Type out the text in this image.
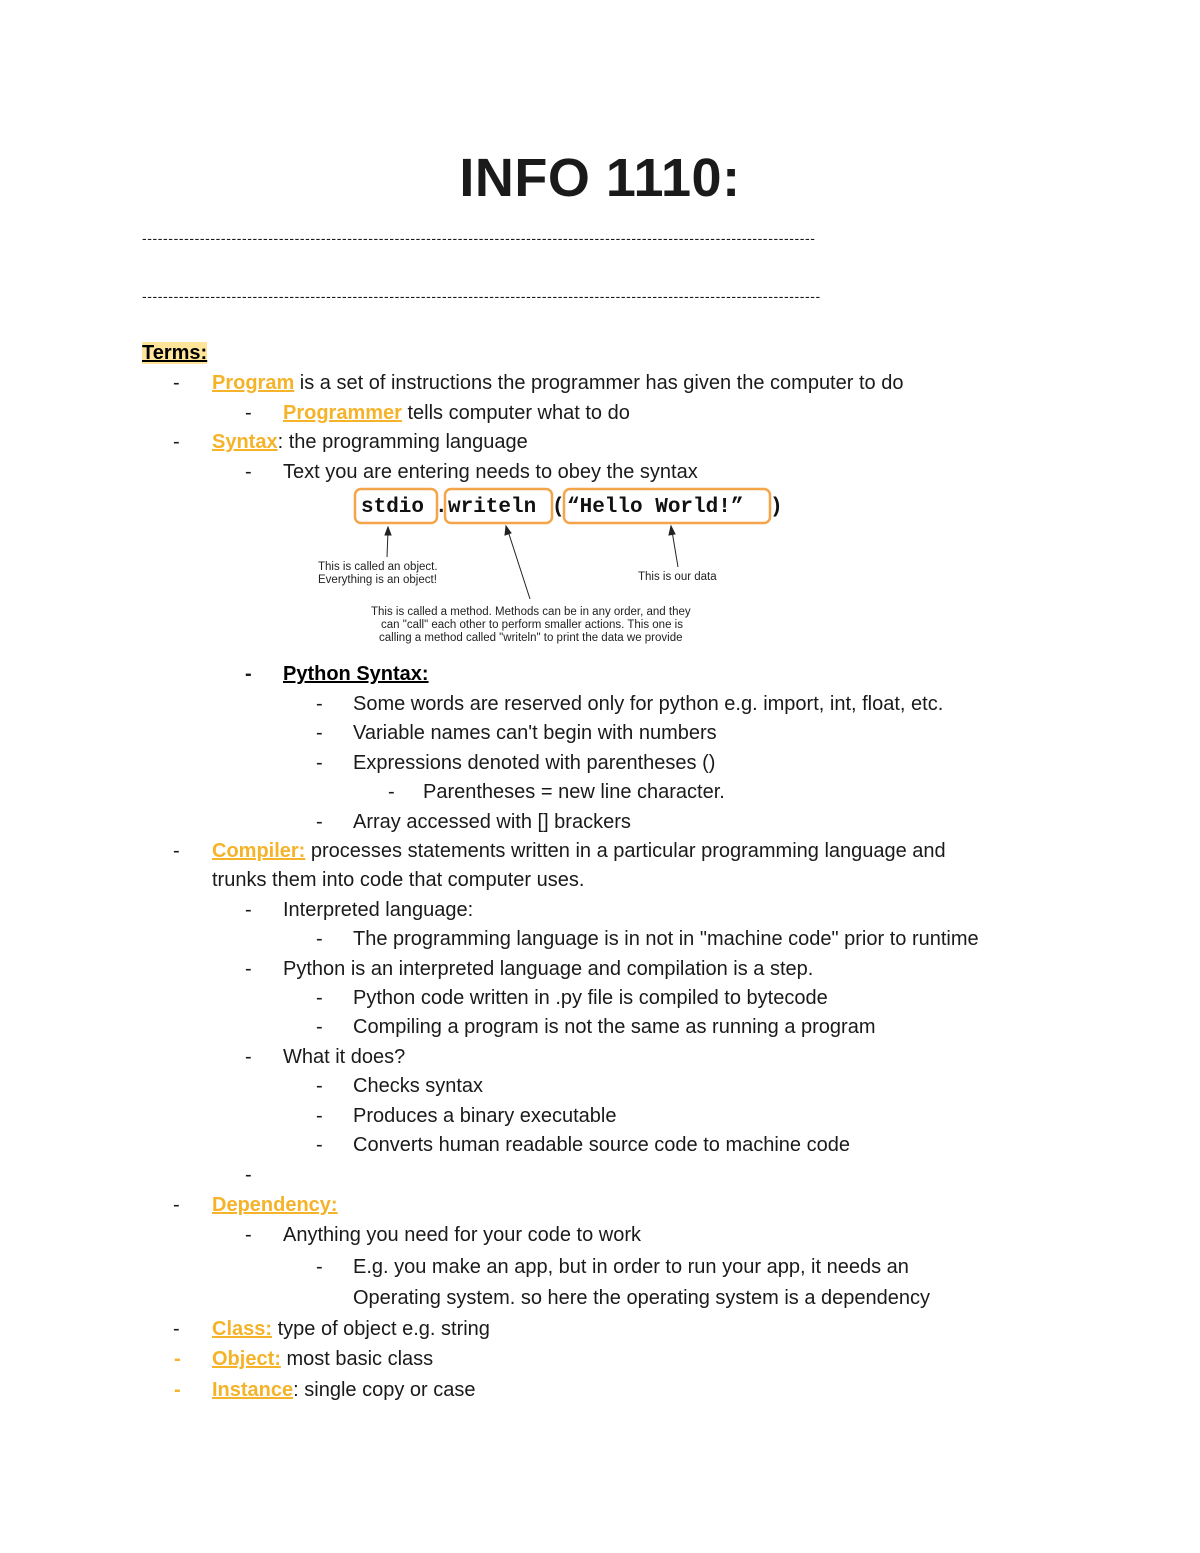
INFO 1110:
--------------------------------------------------------------------------------------------------------------------------------
---------------------------------------------------------------------------------------------------------------------------------
Terms:
- Program is a set of instructions the programmer has given the computer to do
- Programmer tells computer what to do
- Syntax: the programming language
- Text you are entering needs to obey the syntax
stdio . writeln ( “Hello World!” )
This is called an object.
Everything is an object!	This is our data
This is called a method. Methods can be in any order, and they
can "call" each other to perform smaller actions. This one is
calling a method called "writeln" to print the data we provide
- Python Syntax:
- Some words are reserved only for python e.g. import, int, float, etc.
- Variable names can't begin with numbers
- Expressions denoted with parentheses ()
- Parentheses = new line character.
- Array accessed with [] brackers
- Compiler: processes statements written in a particular programming language and
trunks them into code that computer uses.
- Interpreted language:
- The programming language is in not in "machine code" prior to runtime
- Python is an interpreted language and compilation is a step.
- Python code written in .py file is compiled to bytecode
- Compiling a program is not the same as running a program
- What it does?
- Checks syntax
- Produces a binary executable
- Converts human readable source code to machine code
-
- Dependency:
- Anything you need for your code to work
- E.g. you make an app, but in order to run your app, it needs an
Operating system. so here the operating system is a dependency
- Class: type of object e.g. string
- Object: most basic class
- Instance: single copy or case
